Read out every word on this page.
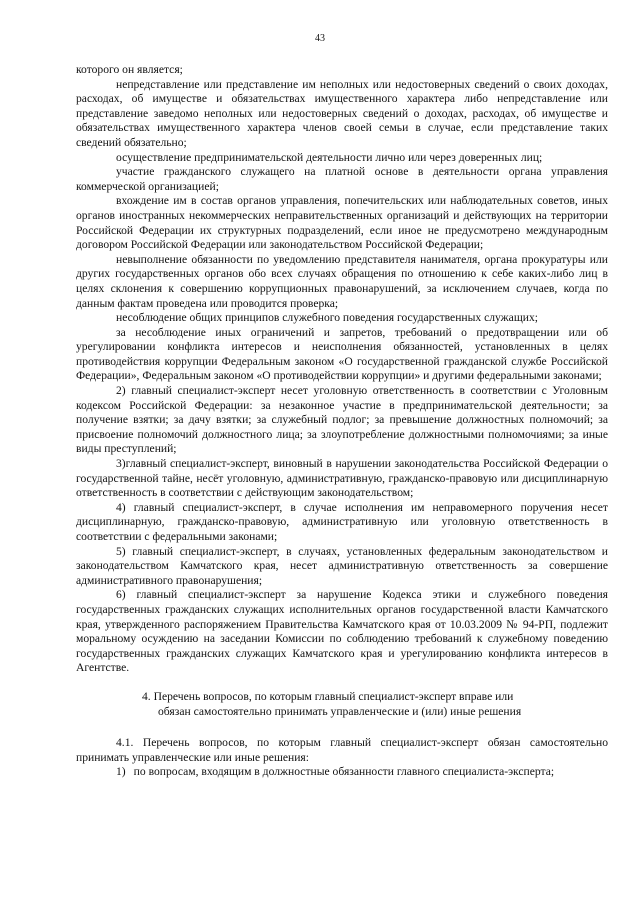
43

которого он является;

непредставление или представление им неполных или недостоверных сведений о своих доходах, расходах, об имуществе и обязательствах имущественного характера либо непредставление или представление заведомо неполных или недостоверных сведений о доходах, расходах, об имуществе и обязательствах имущественного характера членов своей семьи в случае, если представление таких сведений обязательно;

осуществление предпринимательской деятельности лично или через доверенных лиц;

участие гражданского служащего на платной основе в деятельности органа управления коммерческой организацией;

вхождение им в состав органов управления, попечительских или наблюдательных советов, иных органов иностранных некоммерческих неправительственных организаций и действующих на территории Российской Федерации их структурных подразделений, если иное не предусмотрено международным договором Российской Федерации или законодательством Российской Федерации;

невыполнение обязанности по уведомлению представителя нанимателя, органа прокуратуры или других государственных органов обо всех случаях обращения по отношению к себе каких-либо лиц в целях склонения к совершению коррупционных правонарушений, за исключением случаев, когда по данным фактам проведена или проводится проверка;

несоблюдение общих принципов служебного поведения государственных служащих;

за несоблюдение иных ограничений и запретов, требований о предотвращении или об урегулировании конфликта интересов и неисполнения обязанностей, установленных в целях противодействия коррупции Федеральным законом «О государственной гражданской службе Российской Федерации», Федеральным законом «О противодействии коррупции» и другими федеральными законами;

2) главный специалист-эксперт несет уголовную ответственность в соответствии с Уголовным кодексом Российской Федерации: за незаконное участие в предпринимательской деятельности; за получение взятки; за дачу взятки; за служебный подлог; за превышение должностных полномочий; за присвоение полномочий должностного лица; за злоупотребление должностными полномочиями; за иные виды преступлений;

3)главный специалист-эксперт, виновный в нарушении законодательства Российской Федерации о государственной тайне, несёт уголовную, административную, гражданско-правовую или дисциплинарную ответственность в соответствии с действующим законодательством;

4) главный специалист-эксперт, в случае исполнения им неправомерного поручения несет дисциплинарную, гражданско-правовую, административную или уголовную ответственность в соответствии с федеральными законами;

5) главный специалист-эксперт, в случаях, установленных федеральным законодательством и законодательством Камчатского края, несет административную ответственность за совершение административного правонарушения;

6) главный специалист-эксперт за нарушение Кодекса этики и служебного поведения государственных гражданских служащих исполнительных органов государственной власти Камчатского края, утвержденного распоряжением Правительства Камчатского края от 10.03.2009 № 94-РП, подлежит моральному осуждению на заседании Комиссии по соблюдению требований к служебному поведению государственных гражданских служащих Камчатского края и урегулированию конфликта интересов в Агентстве.

4. Перечень вопросов, по которым главный специалист-эксперт вправе или
обязан самостоятельно принимать управленческие и (или) иные решения

4.1. Перечень вопросов, по которым главный специалист-эксперт обязан самостоятельно принимать управленческие или иные решения:

1) по вопросам, входящим в должностные обязанности главного специалиста-эксперта;
